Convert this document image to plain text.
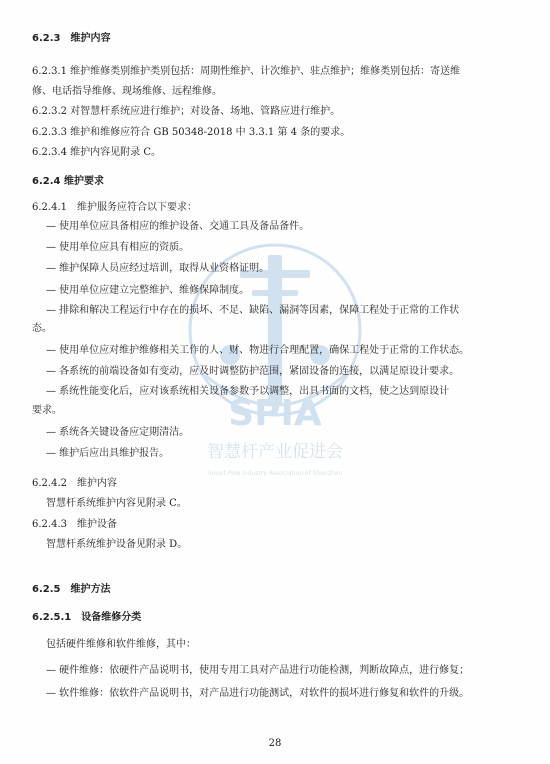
SPIA
智慧杆产业促进会
Smart Pole Industry Association of Shenzhen
6.2.3　维护内容
6.2.3.1 维护维修类别维护类别包括：周期性维护、计次维护、驻点维护；维修类别包括：寄送维
修、电话指导维修、现场维修、远程维修。
6.2.3.2 对智慧杆系统应进行维护；对设备、场地、管路应进行维护。
6.2.3.3 维护和维修应符合 GB 50348-2018 中 3.3.1 第 4 条的要求。
6.2.3.4 维护内容见附录 C。
6.2.4 维护要求
6.2.4.1　维护服务应符合以下要求：
— 使用单位应具备相应的维护设备、交通工具及备品备件。
— 使用单位应具有相应的资质。
— 维护保障人员应经过培训，取得从业资格证明。
— 使用单位应建立完整维护、维修保障制度。
— 排除和解决工程运行中存在的损坏、不足、缺陷、漏洞等因素，保障工程处于正常的工作状
态。
— 使用单位应对维护维修相关工作的人、财、物进行合理配置，确保工程处于正常的工作状态。
— 各系统的前端设备如有变动，应及时调整防护范围，紧固设备的连接，以满足原设计要求。
— 系统性能变化后，应对该系统相关设备参数予以调整，出具书面的文档，使之达到原设计
要求。
— 系统各关键设备应定期清洁。
— 维护后应出具维护报告。
6.2.4.2　维护内容
智慧杆系统维护内容见附录 C。
6.2.4.3　维护设备
智慧杆系统维护设备见附录 D。
6.2.5　维护方法
6.2.5.1　设备维修分类
包括硬件维修和软件维修，其中：
— 硬件维修：依硬件产品说明书，使用专用工具对产品进行功能检测，判断故障点，进行修复；
— 软件维修：依软件产品说明书，对产品进行功能测试，对软件的损坏进行修复和软件的升级。
28
